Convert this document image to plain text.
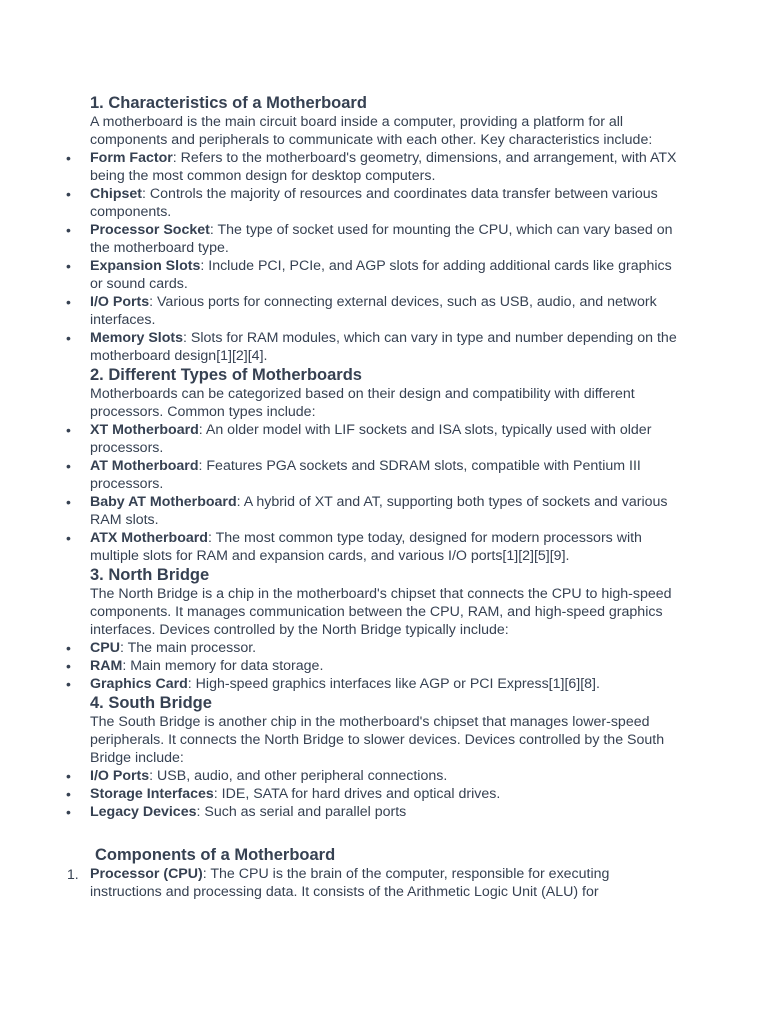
1. Characteristics of a Motherboard

A motherboard is the main circuit board inside a computer, providing a platform for all components and peripherals to communicate with each other. Key characteristics include:

• Form Factor: Refers to the motherboard's geometry, dimensions, and arrangement, with ATX being the most common design for desktop computers.
• Chipset: Controls the majority of resources and coordinates data transfer between various components.
• Processor Socket: The type of socket used for mounting the CPU, which can vary based on the motherboard type.
• Expansion Slots: Include PCI, PCIe, and AGP slots for adding additional cards like graphics or sound cards.
• I/O Ports: Various ports for connecting external devices, such as USB, audio, and network interfaces.
• Memory Slots: Slots for RAM modules, which can vary in type and number depending on the motherboard design[1][2][4].
2. Different Types of Motherboards

Motherboards can be categorized based on their design and compatibility with different processors. Common types include:

• XT Motherboard: An older model with LIF sockets and ISA slots, typically used with older processors.
• AT Motherboard: Features PGA sockets and SDRAM slots, compatible with Pentium III processors.
• Baby AT Motherboard: A hybrid of XT and AT, supporting both types of sockets and various RAM slots.
• ATX Motherboard: The most common type today, designed for modern processors with multiple slots for RAM and expansion cards, and various I/O ports[1][2][5][9].
3. North Bridge

The North Bridge is a chip in the motherboard's chipset that connects the CPU to high-speed components. It manages communication between the CPU, RAM, and high-speed graphics interfaces. Devices controlled by the North Bridge typically include:

• CPU: The main processor.
• RAM: Main memory for data storage.
• Graphics Card: High-speed graphics interfaces like AGP or PCI Express[1][6][8].
4. South Bridge

The South Bridge is another chip in the motherboard's chipset that manages lower-speed peripherals. It connects the North Bridge to slower devices. Devices controlled by the South Bridge include:

• I/O Ports: USB, audio, and other peripheral connections.
• Storage Interfaces: IDE, SATA for hard drives and optical drives.
• Legacy Devices: Such as serial and parallel ports
Components of a Motherboard
1. Processor (CPU): The CPU is the brain of the computer, responsible for executing instructions and processing data. It consists of the Arithmetic Logic Unit (ALU) for
